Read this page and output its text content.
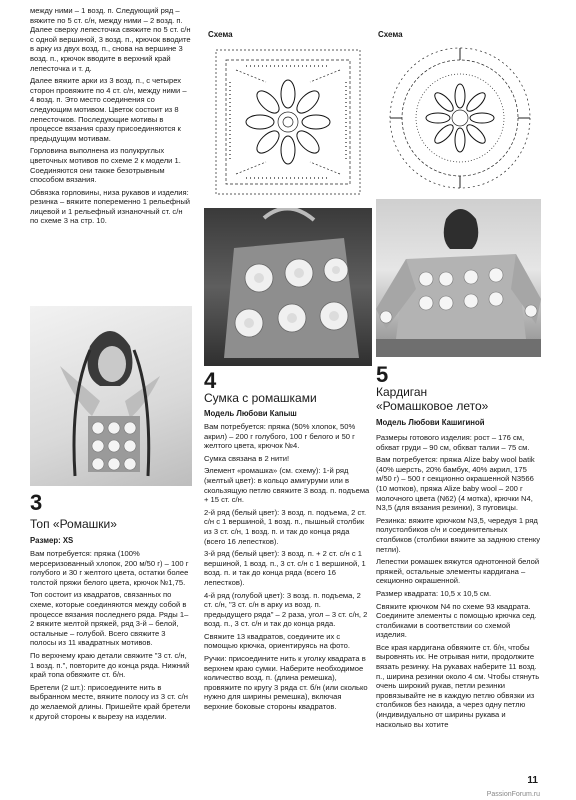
между ними – 1 возд. п. Следующий ряд – вяжите по 5 ст. с/н, между ними – 2 возд. п. Далее сверху лепесточка свяжите по 5 ст. с/н с одной вершиной, 3 возд. п., крючок вводите в арку из двух возд. п., снова на вершине 3 возд. п., крючок вводите в верхний край лепесточка и т. д.

Далее вяжите арки из 3 возд. п., с четырех сторон провяжите по 4 ст. с/н, между ними – 4 возд. п. Это место соединения со следующим мотивом. Цветок состоит из 8 лепесточков. Последующие мотивы в процессе вязания сразу присоединяются к предыдущим мотивам.

Горловина выполнена из полукруглых цветочных мотивов по схеме 2 к модели 1. Соединяются они также безотрывным способом вязания.

Обвязка горловины, низа рукавов и изделия: резинка – вяжите попеременно 1 рельефный лицевой и 1 рельефный изнаночный ст. с/н по схеме 3 на стр. 10.

3
Топ «Ромашки»
Размер: XS

Вам потребуется: пряжа (100% мерсеризованный хлопок, 200 м/50 г) – 100 г голубого и 30 г желтого цвета, остатки более толстой пряжи белого цвета, крючок №1,75.

Топ состоит из квадратов, связанных по схеме, которые соединяются между собой в процессе вязания последнего ряда. Ряды 1–2 вяжите желтой пряжей, ряд 3-й – белой, остальные – голубой. Всего свяжите 3 полосы из 11 квадратных мотивов.

По верхнему краю детали свяжите "3 ст. с/н, 1 возд. п.", повторите до конца ряда. Нижний край топа обвяжите ст. б/н.

Бретели (2 шт.): присоедините нить в выбранном месте, вяжите полосу из 3 ст. с/н до желаемой длины. Пришейте край бретели к другой стороны к вырезу на изделии.

Схема
4
Сумка с ромашками
Модель Любови Капыш

Вам потребуется: пряжа (50% хлопок, 50% акрил) – 200 г голубого, 100 г белого и 50 г желтого цвета, крючок №4.

Сумка связана в 2 нити!

Элемент «ромашка» (см. схему): 1-й ряд (желтый цвет): в кольцо амигуруми или в скользящую петлю свяжите 3 возд. п. подъема + 15 ст. с/н.

2-й ряд (белый цвет): 3 возд. п. подъема, 2 ст. с/н с 1 вершиной, 1 возд. п., пышный столбик из 3 ст. с/н, 1 возд. п. и так до конца ряда (всего 16 лепестков).

3-й ряд (белый цвет): 3 возд. п. + 2 ст. с/н с 1 вершиной, 1 возд. п., 3 ст. с/н с 1 вершиной, 1 возд. п. и так до конца ряда (всего 16 лепестков).

4-й ряд (голубой цвет): 3 возд. п. подъема, 2 ст. с/н, "3 ст. с/н в арку из возд. п. предыдущего ряда" – 2 раза, угол – 3 ст. с/н, 2 возд. п., 3 ст. с/н и так до конца ряда.

Свяжите 13 квадратов, соедините их с помощью крючка, ориентируясь на фото.

Ручки: присоедините нить к уголку квадрата в верхнем краю сумки. Наберите необходимое количество возд. п. (длина ремешка), провяжите по кругу 3 ряда ст. б/н (или сколько нужно для ширины ремешка), включая верхние боковые стороны квадратов.

Схема
5
Кардиган
«Ромашковое лето»
Модель Любови Кашигиной

Размеры готового изделия: рост – 176 см, обхват груди – 90 см, обхват талии – 75 см.

Вам потребуется: пряжа Alize baby wool batik (40% шерсть, 20% бамбук, 40% акрил, 175 м/50 г) – 500 г секционно окрашенной N3566 (10 мотков), пряжа Alize baby wool – 200 г молочного цвета (N62) (4 мотка), крючки N4, N3,5 (для вязания резинки), 3 пуговицы.

Резинка: вяжите крючком N3,5, чередуя 1 ряд полустолбиков с/н и соединительных столбиков (столбики вяжите за заднюю стенку петли).

Лепестки ромашек вяжутся однотонной белой пряжей, остальные элементы кардигана – секционно окрашенной.

Размер квадрата: 10,5 х 10,5 см.

Свяжите крючком N4 по схеме 93 квадрата. Соедините элементы с помощью крючка сед. столбиками в соответствии со схемой изделия.

Все края кардигана обвяжите ст. б/н, чтобы выровнять их. Не отрывая нити, продолжите вязать резинку. На рукавах наберите 11 возд. п., ширина резинки около 4 см. Чтобы стянуть очень широкий рукав, петли резинки провязывайте не в каждую петлю обвязки из столбиков без накида, а через одну петлю (индивидуально от ширины рукава и насколько вы хотите

11
PassionForum.ru
